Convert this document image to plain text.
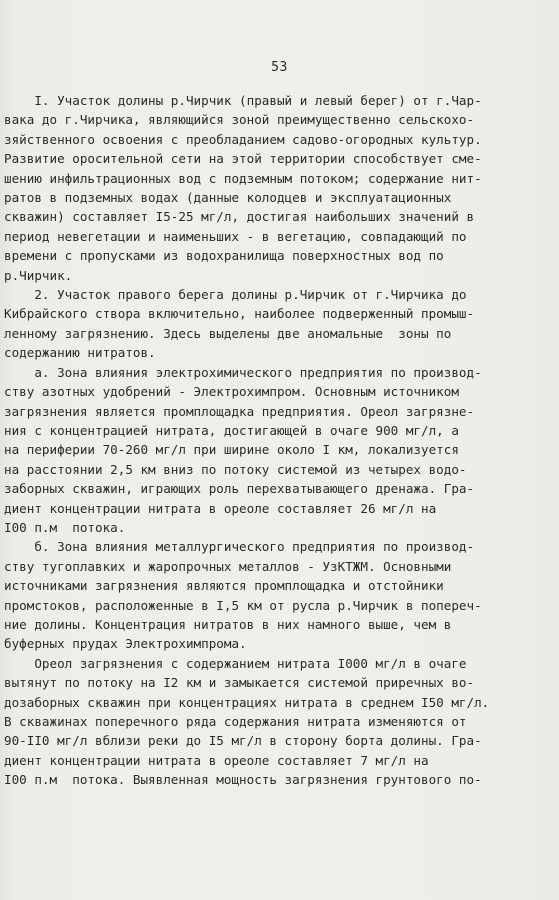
53
I. Участок долины р.Чирчик (правый и левый берег) от г.Чар-
вака до г.Чирчика, являющийся зоной преимущественно сельскохо-
зяйственного освоения с преобладанием садово-огородных культур.
Развитие оросительной сети на этой территории способствует сме-
шению инфильтрационных вод с подземным потоком; содержание нит-
ратов в подземных водах (данные колодцев и эксплуатационных
скважин) составляет I5-25 мг/л, достигая наибольших значений в
период невегетации и наименьших - в вегетацию, совпадающий по
времени с пропусками из водохранилища поверхностных вод по
р.Чирчик.
2. Участок правого берега долины р.Чирчик от г.Чирчика до
Кибрайского створа включительно, наиболее подверженный промыш-
ленному загрязнению. Здесь выделены две аномальные  зоны по
содержанию нитратов.
а. Зона влияния электрохимического предприятия по производ-
ству азотных удобрений - Электрохимпром. Основным источником
загрязнения является промплощадка предприятия. Ореол загрязне-
ния с концентрацией нитрата, достигающей в очаге 900 мг/л, а
на периферии 70-260 мг/л при ширине около I км, локализуется
на расстоянии 2,5 км вниз по потоку системой из четырех водо-
заборных скважин, играющих роль перехватывающего дренажа. Гра-
диент концентрации нитрата в ореоле составляет 26 мг/л на
I00 п.м  потока.
б. Зона влияния металлургического предприятия по производ-
ству тугоплавких и жаропрочных металлов - УзКТЖМ. Основными
источниками загрязнения являются промплощадка и отстойники
промстоков, расположенные в I,5 км от русла р.Чирчик в попереч-
ние долины. Концентрация нитратов в них намного выше, чем в
буферных прудах Электрохимпрома.
Ореол загрязнения с содержанием нитрата I000 мг/л в очаге
вытянут по потоку на I2 км и замыкается системой приречных во-
дозаборных скважин при концентрациях нитрата в среднем I50 мг/л.
В скважинах поперечного ряда содержания нитрата изменяются от
90-II0 мг/л вблизи реки до I5 мг/л в сторону борта долины. Гра-
диент концентрации нитрата в ореоле составляет 7 мг/л на
I00 п.м  потока. Выявленная мощность загрязнения грунтового по-
